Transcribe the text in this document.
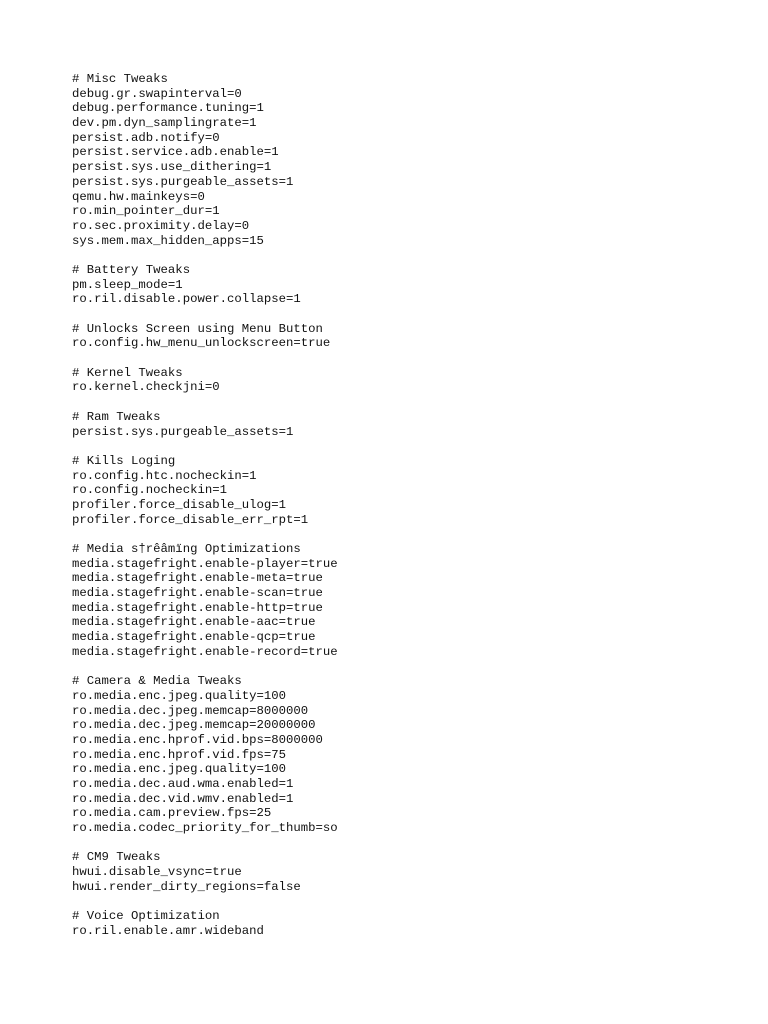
# Misc Tweaks
debug.gr.swapinterval=0
debug.performance.tuning=1
dev.pm.dyn_samplingrate=1
persist.adb.notify=0
persist.service.adb.enable=1
persist.sys.use_dithering=1
persist.sys.purgeable_assets=1
qemu.hw.mainkeys=0
ro.min_pointer_dur=1
ro.sec.proximity.delay=0
sys.mem.max_hidden_apps=15
# Battery Tweaks
pm.sleep_mode=1
ro.ril.disable.power.collapse=1
# Unlocks Screen using Menu Button
ro.config.hw_menu_unlockscreen=true
# Kernel Tweaks
ro.kernel.checkjni=0
# Ram Tweaks
persist.sys.purgeable_assets=1
# Kills Loging
ro.config.htc.nocheckin=1
ro.config.nocheckin=1
profiler.force_disable_ulog=1
profiler.force_disable_err_rpt=1
# Media s†rêâmïng Optimizations
media.stagefright.enable-player=true
media.stagefright.enable-meta=true
media.stagefright.enable-scan=true
media.stagefright.enable-http=true
media.stagefright.enable-aac=true
media.stagefright.enable-qcp=true
media.stagefright.enable-record=true
# Camera & Media Tweaks
ro.media.enc.jpeg.quality=100
ro.media.dec.jpeg.memcap=8000000
ro.media.dec.jpeg.memcap=20000000
ro.media.enc.hprof.vid.bps=8000000
ro.media.enc.hprof.vid.fps=75
ro.media.enc.jpeg.quality=100
ro.media.dec.aud.wma.enabled=1
ro.media.dec.vid.wmv.enabled=1
ro.media.cam.preview.fps=25
ro.media.codec_priority_for_thumb=so
# CM9 Tweaks
hwui.disable_vsync=true
hwui.render_dirty_regions=false
# Voice Optimization
ro.ril.enable.amr.wideband
